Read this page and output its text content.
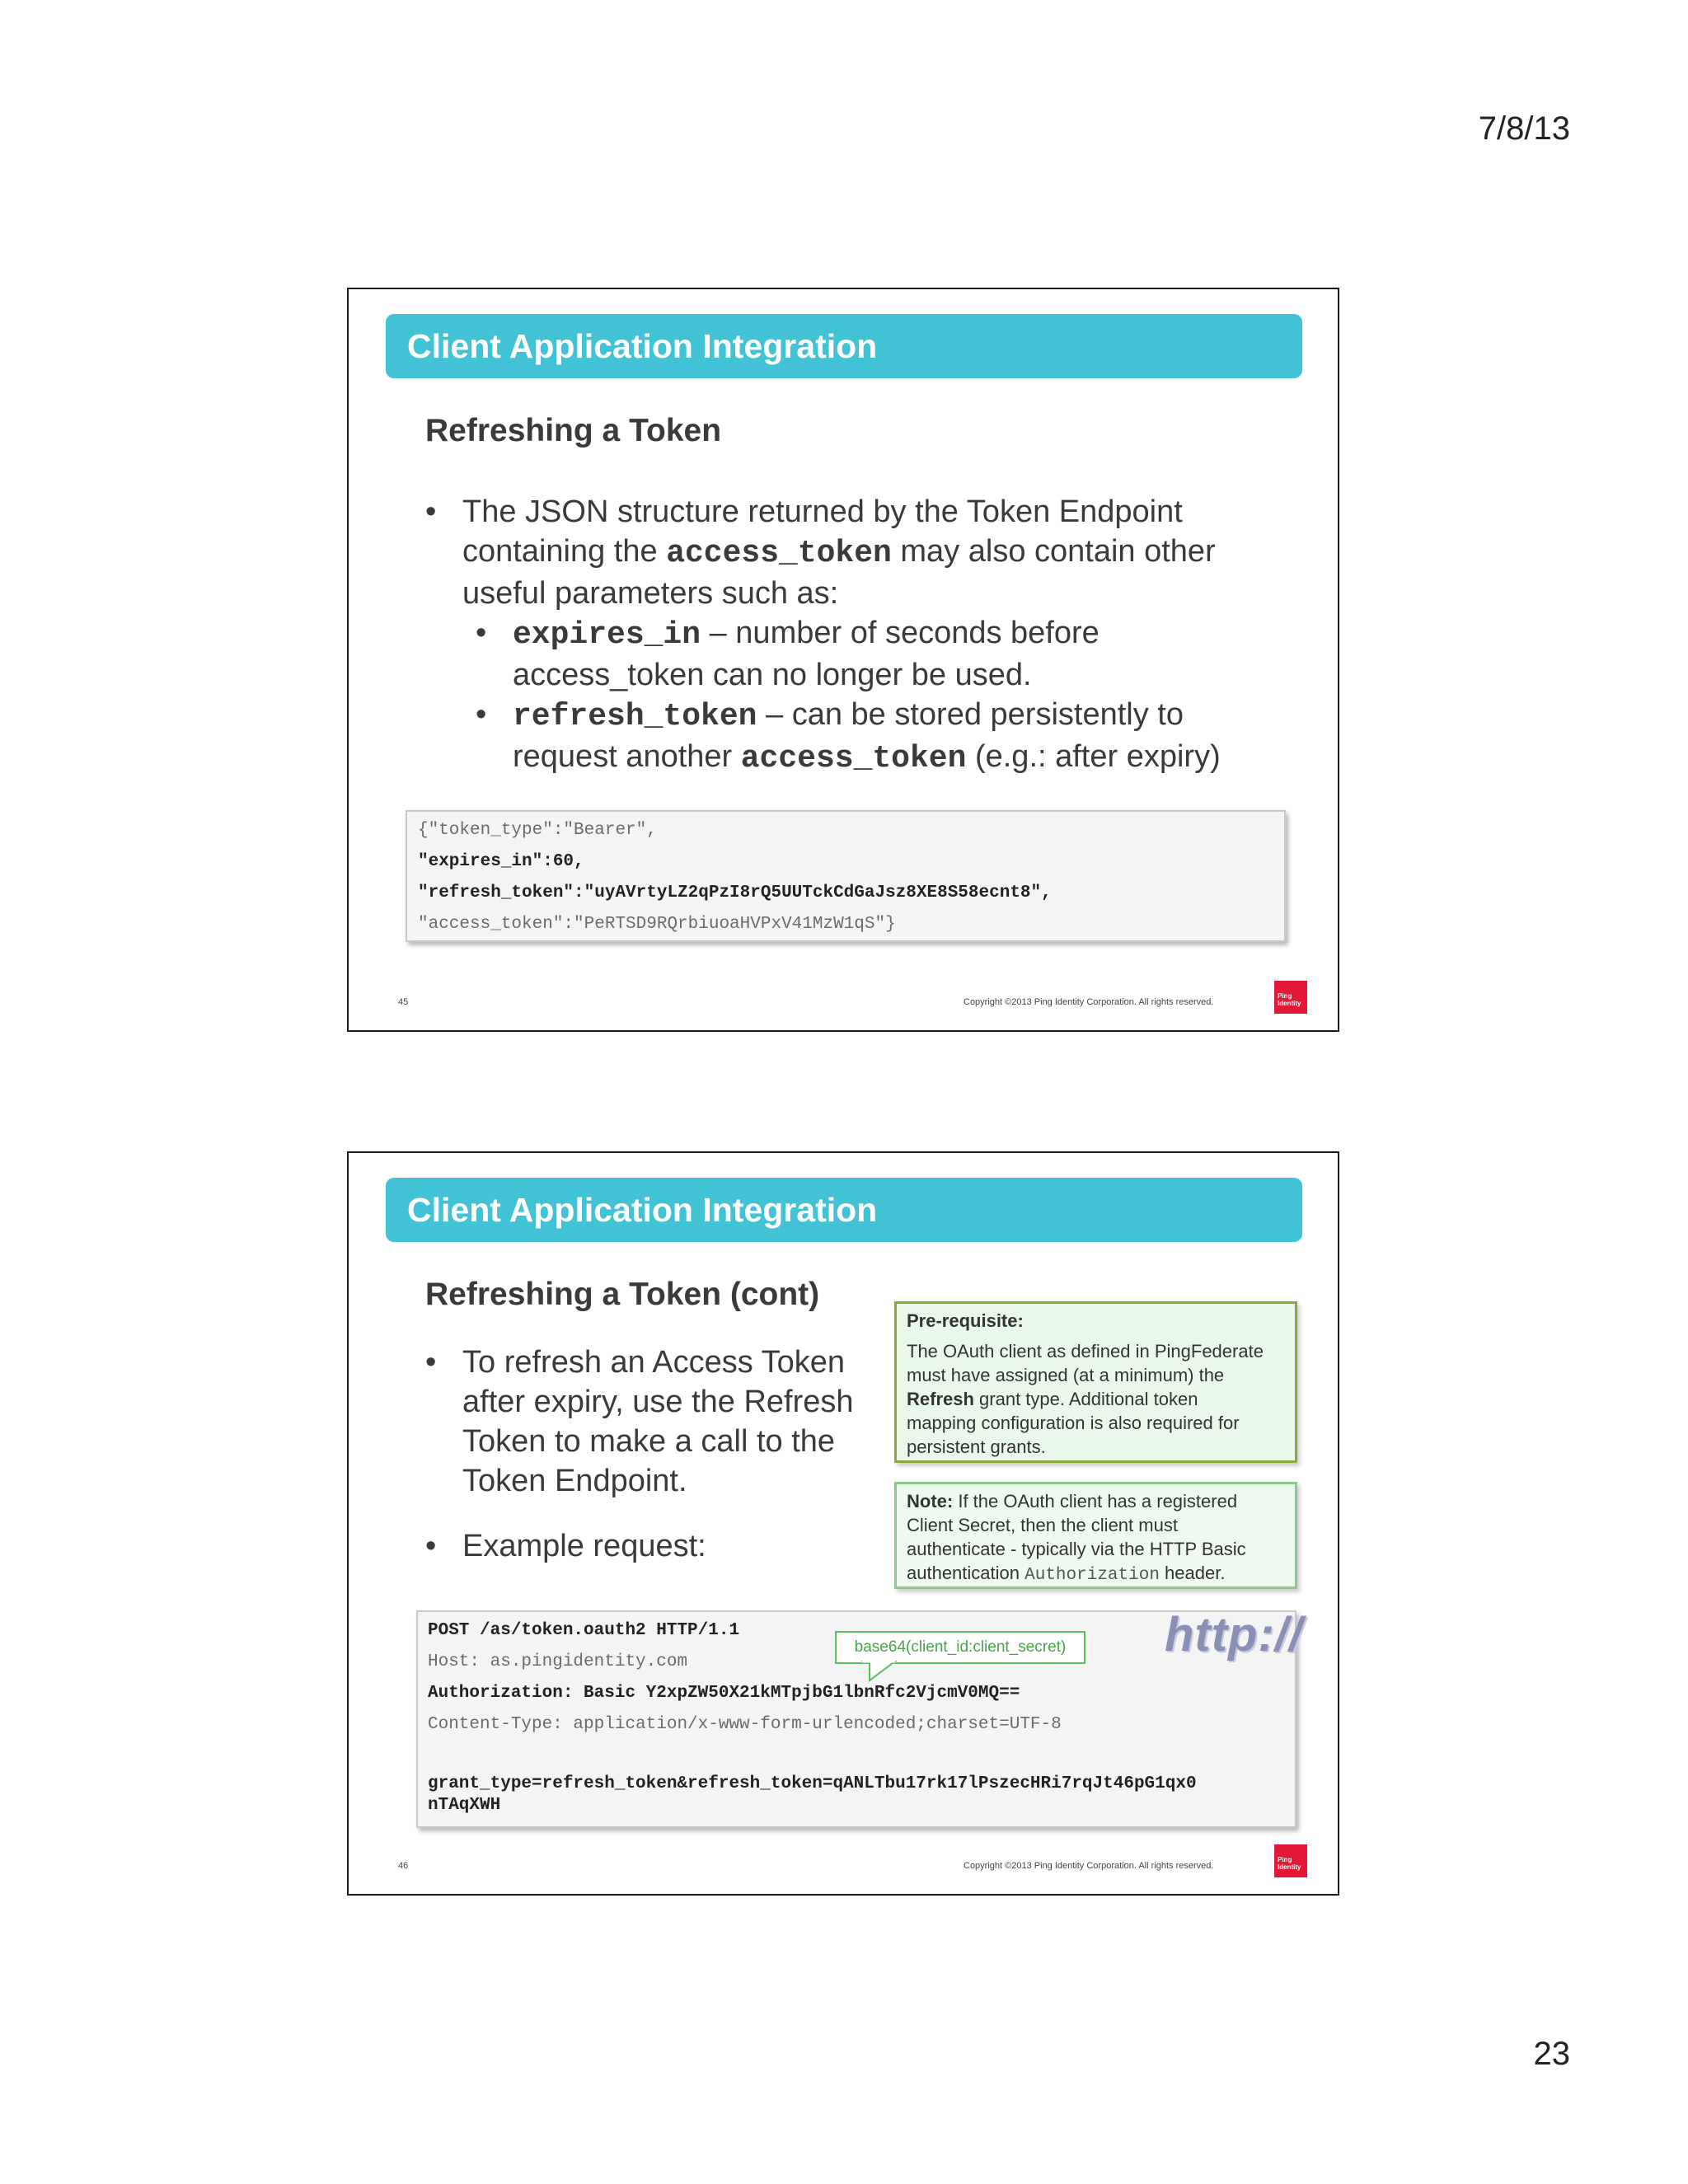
7/8/13
Client Application Integration
Refreshing a Token
• The JSON structure returned by the Token Endpoint
containing the access_token may also contain other
useful parameters such as:
• expires_in – number of seconds before
access_token can no longer be used.
• refresh_token – can be stored persistently to
request another access_token (e.g.: after expiry)
{"token_type":"Bearer",
"expires_in":60,
"refresh_token":"uyAVrtyLZ2qPzI8rQ5UUTckCdGaJsz8XE8S58ecnt8",
"access_token":"PeRTSD9RQrbiuoaHVPxV41MzW1qS"}
45	Copyright ©2013 Ping Identity Corporation. All rights reserved.
Ping Identity
Client Application Integration
Refreshing a Token (cont)
• To refresh an Access Token
after expiry, use the Refresh
Token to make a call to the
Token Endpoint.
• Example request:
Pre-requisite:
The OAuth client as defined in PingFederate
must have assigned (at a minimum) the
Refresh grant type. Additional token
mapping configuration is also required for
persistent grants.
Note: If the OAuth client has a registered
Client Secret, then the client must
authenticate - typically via the HTTP Basic
authentication Authorization header.
POST /as/token.oauth2 HTTP/1.1
Host: as.pingidentity.com
Authorization: Basic Y2xpZW50X21kMTpjbG1lbnRfc2VjcmV0MQ==
Content-Type: application/x-www-form-urlencoded;charset=UTF-8
grant_type=refresh_token&refresh_token=qANLTbu17rk17lPszecHRi7rqJt46pG1qx0
nTAqXWH
http://
base64(client_id:client_secret)
46	Copyright ©2013 Ping Identity Corporation. All rights reserved.
Ping Identity
23
